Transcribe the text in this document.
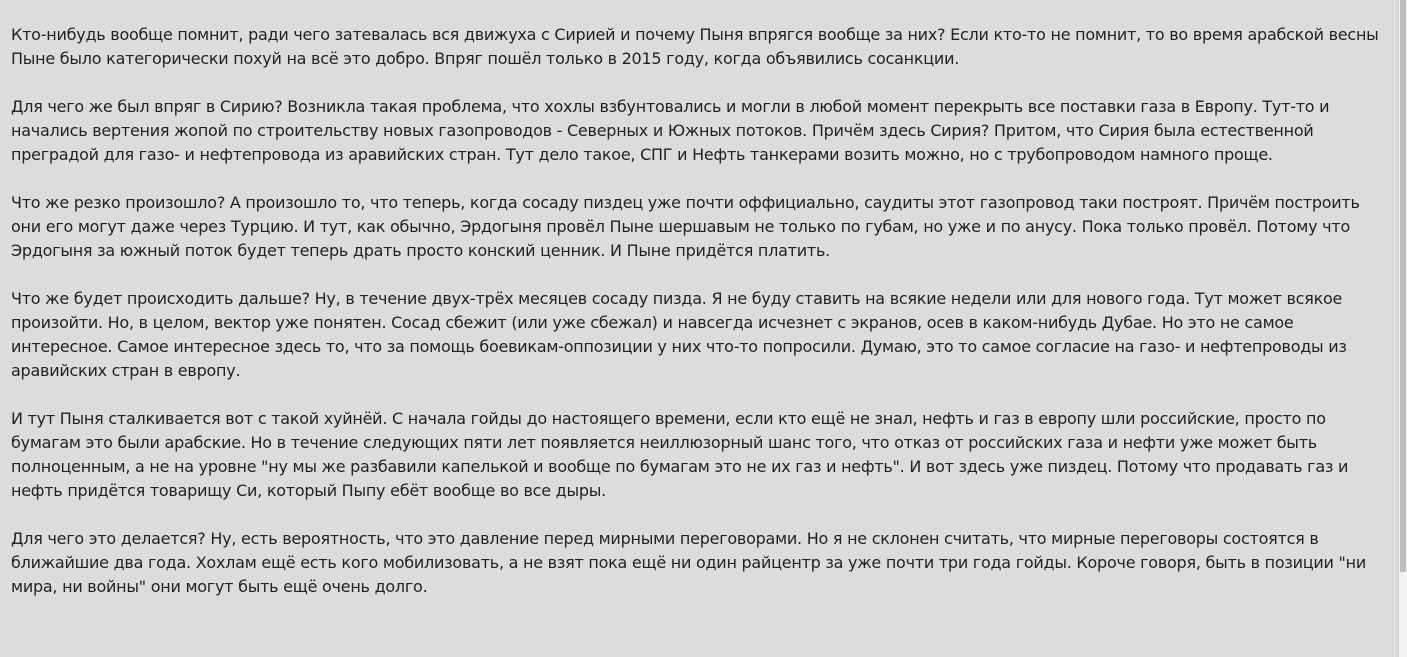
Кто-нибудь вообще помнит, ради чего затевалась вся движуха с Сирией и почему Пыня впрягся вообще за них? Если кто-то не помнит, то во время арабской весны Пыне было категорически похуй на всё это добро. Впряг пошёл только в 2015 году, когда объявились сосанкции.

Для чего же был впряг в Сирию? Возникла такая проблема, что хохлы взбунтовались и могли в любой момент перекрыть все поставки газа в Европу. Тут-то и начались вертения жопой по строительству новых газопроводов - Северных и Южных потоков. Причём здесь Сирия? Притом, что Сирия была естественной преградой для газо- и нефтепровода из аравийских стран. Тут дело такое, СПГ и Нефть танкерами возить можно, но с трубопроводом намного проще.

Что же резко произошло? А произошло то, что теперь, когда сосаду пиздец уже почти оффициально, саудиты этот газопровод таки построят. Причём построить они его могут даже через Турцию. И тут, как обычно, Эрдогыня провёл Пыне шершавым не только по губам, но уже и по анусу. Пока только провёл. Потому что Эрдогыня за южный поток будет теперь драть просто конский ценник. И Пыне придётся платить.

Что же будет происходить дальше? Ну, в течение двух-трёх месяцев сосаду пизда. Я не буду ставить на всякие недели или для нового года. Тут может всякое произойти. Но, в целом, вектор уже понятен. Сосад сбежит (или уже сбежал) и навсегда исчезнет с экранов, осев в каком-нибудь Дубае. Но это не самое интересное. Самое интересное здесь то, что за помощь боевикам-оппозиции у них что-то попросили. Думаю, это то самое согласие на газо- и нефтепроводы из аравийских стран в европу.

И тут Пыня сталкивается вот с такой хуйнёй. С начала гойды до настоящего времени, если кто ещё не знал, нефть и газ в европу шли российские, просто по бумагам это были арабские. Но в течение следующих пяти лет появляется неиллюзорный шанс того, что отказ от российских газа и нефти уже может быть полноценным, а не на уровне "ну мы же разбавили капелькой и вообще по бумагам это не их газ и нефть". И вот здесь уже пиздец. Потому что продавать газ и нефть придётся товарищу Си, который Пыпу ебёт вообще во все дыры.

Для чего это делается? Ну, есть вероятность, что это давление перед мирными переговорами. Но я не склонен считать, что мирные переговоры состоятся в ближайшие два года. Хохлам ещё есть кого мобилизовать, а не взят пока ещё ни один райцентр за уже почти три года гойды. Короче говоря, быть в позиции "ни мира, ни войны" они могут быть ещё очень долго.
